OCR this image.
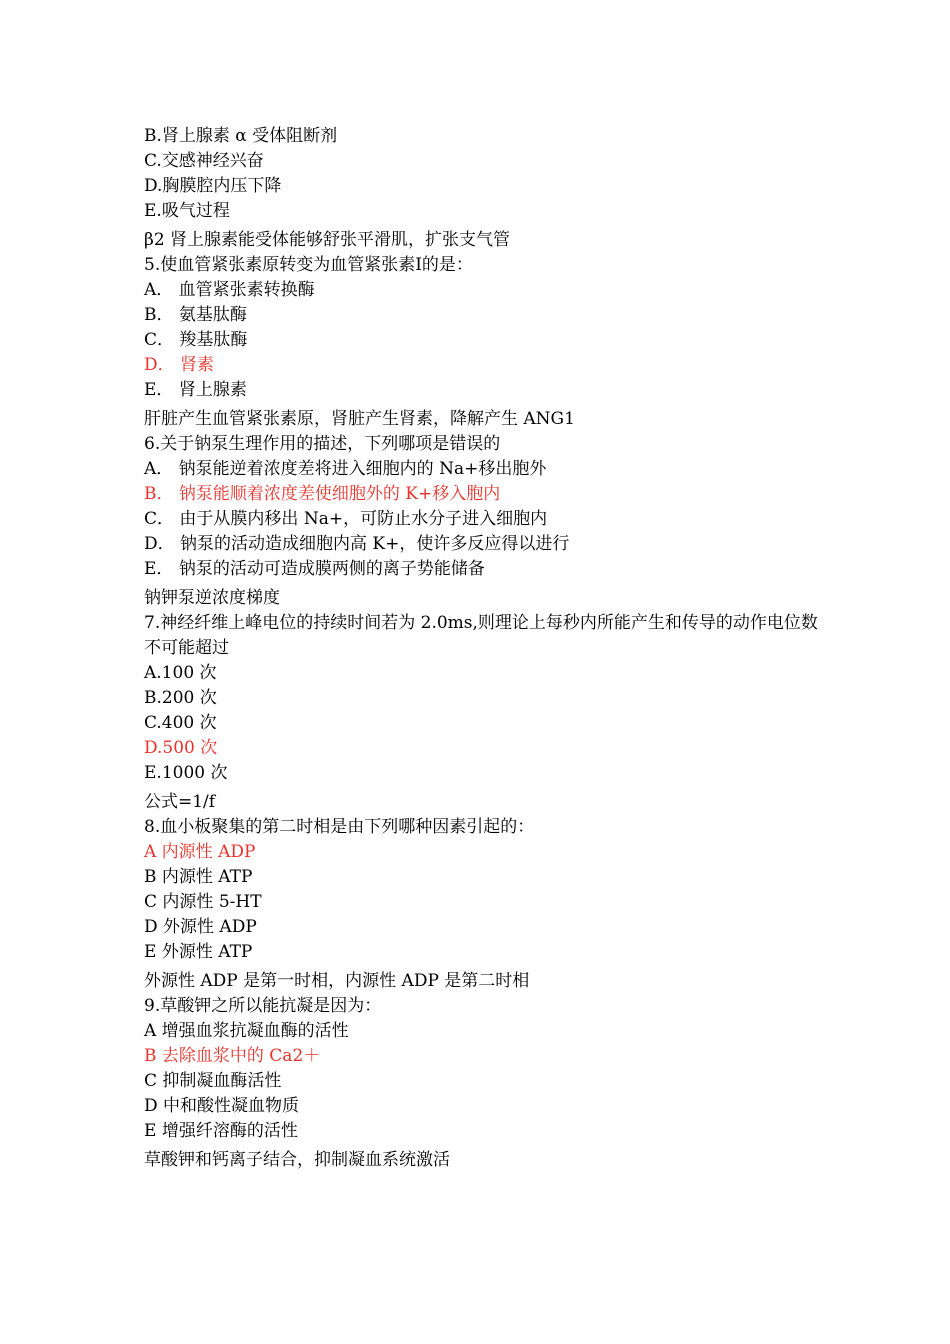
B.肾上腺素 α 受体阻断剂
C.交感神经兴奋
D.胸膜腔内压下降
E.吸气过程
β2 肾上腺素能受体能够舒张平滑肌，扩张支气管
5.使血管紧张素原转变为血管紧张素Ⅰ的是：
A． 血管紧张素转换酶
B． 氨基肽酶
C． 羧基肽酶
D． 肾素
E． 肾上腺素
肝脏产生血管紧张素原，肾脏产生肾素，降解产生 ANG1
6.关于钠泵生理作用的描述，下列哪项是错误的
A． 钠泵能逆着浓度差将进入细胞内的 Na+移出胞外
B． 钠泵能顺着浓度差使细胞外的 K+移入胞内
C． 由于从膜内移出 Na+，可防止水分子进入细胞内
D． 钠泵的活动造成细胞内高 K+，使许多反应得以进行
E． 钠泵的活动可造成膜两侧的离子势能储备
钠钾泵逆浓度梯度
7.神经纤维上峰电位的持续时间若为 2.0ms,则理论上每秒内所能产生和传导的动作电位数不可能超过
A.100 次
B.200 次
C.400 次
D.500 次
E.1000 次
公式=1/f
8.血小板聚集的第二时相是由下列哪种因素引起的：
A 内源性 ADP
B 内源性 ATP
C 内源性 5-HT
D 外源性 ADP
E 外源性 ATP
外源性 ADP 是第一时相，内源性 ADP 是第二时相
9.草酸钾之所以能抗凝是因为：
A 增强血浆抗凝血酶的活性
B 去除血浆中的 Ca2＋
C 抑制凝血酶活性
D 中和酸性凝血物质
E 增强纤溶酶的活性
草酸钾和钙离子结合，抑制凝血系统激活
